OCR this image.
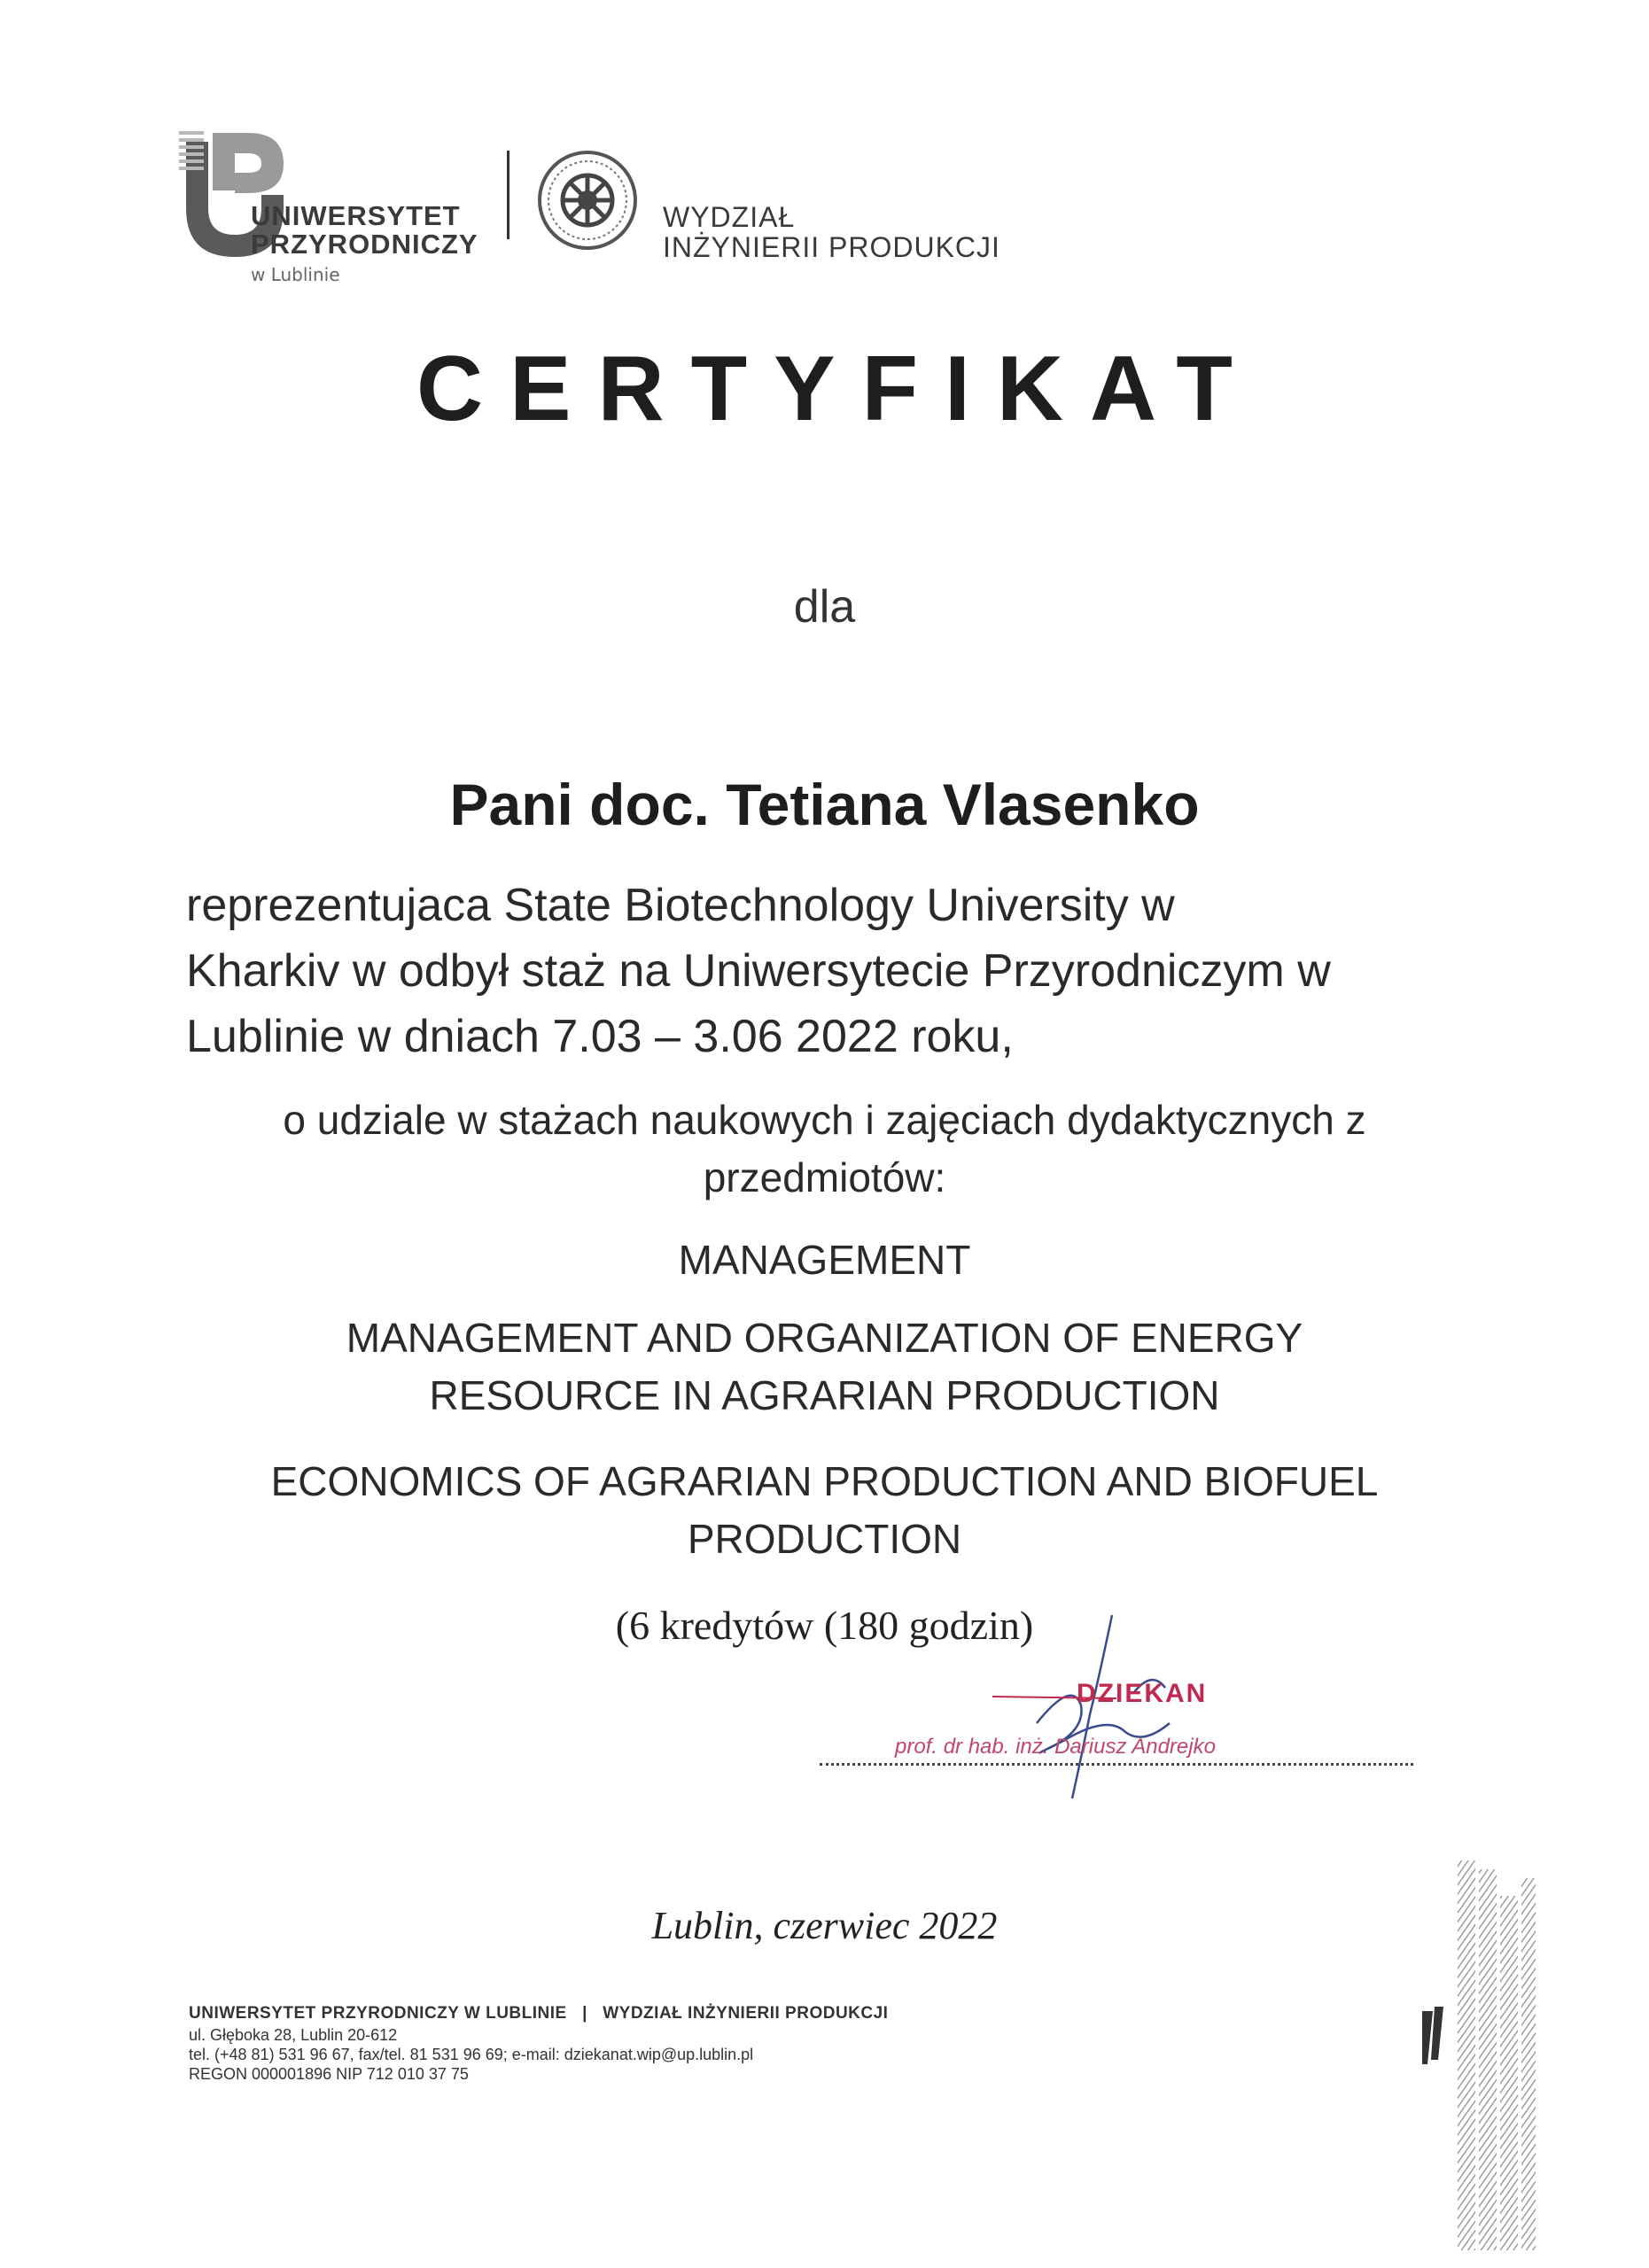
UNIWERSYTET
PRZYRODNICZY
w Lublinie
WYDZIAŁ
INŻYNIERII PRODUKCJI
CERTYFIKAT
dla
Pani doc. Tetiana Vlasenko
reprezentujaca State Biotechnology University w
Kharkiv w odbył staż na Uniwersytecie Przyrodniczym w
Lublinie w dniach 7.03 – 3.06 2022 roku,
o udziale w stażach naukowych i zajęciach dydaktycznych z
przedmiotów:
MANAGEMENT
MANAGEMENT AND ORGANIZATION OF ENERGY
RESOURCE IN AGRARIAN PRODUCTION
ECONOMICS OF AGRARIAN PRODUCTION AND BIOFUEL
PRODUCTION
(6 kredytów (180 godzin)
DZIEKAN
prof. dr hab. inż. Dariusz Andrejko
Lublin, czerwiec 2022
UNIWERSYTET PRZYRODNICZY W LUBLINIE | WYDZIAŁ INŻYNIERII PRODUKCJI
ul. Głęboka 28, Lublin 20-612
tel. (+48 81) 531 96 67, fax/tel. 81 531 96 69; e-mail: dziekanat.wip@up.lublin.pl
REGON 000001896 NIP 712 010 37 75
